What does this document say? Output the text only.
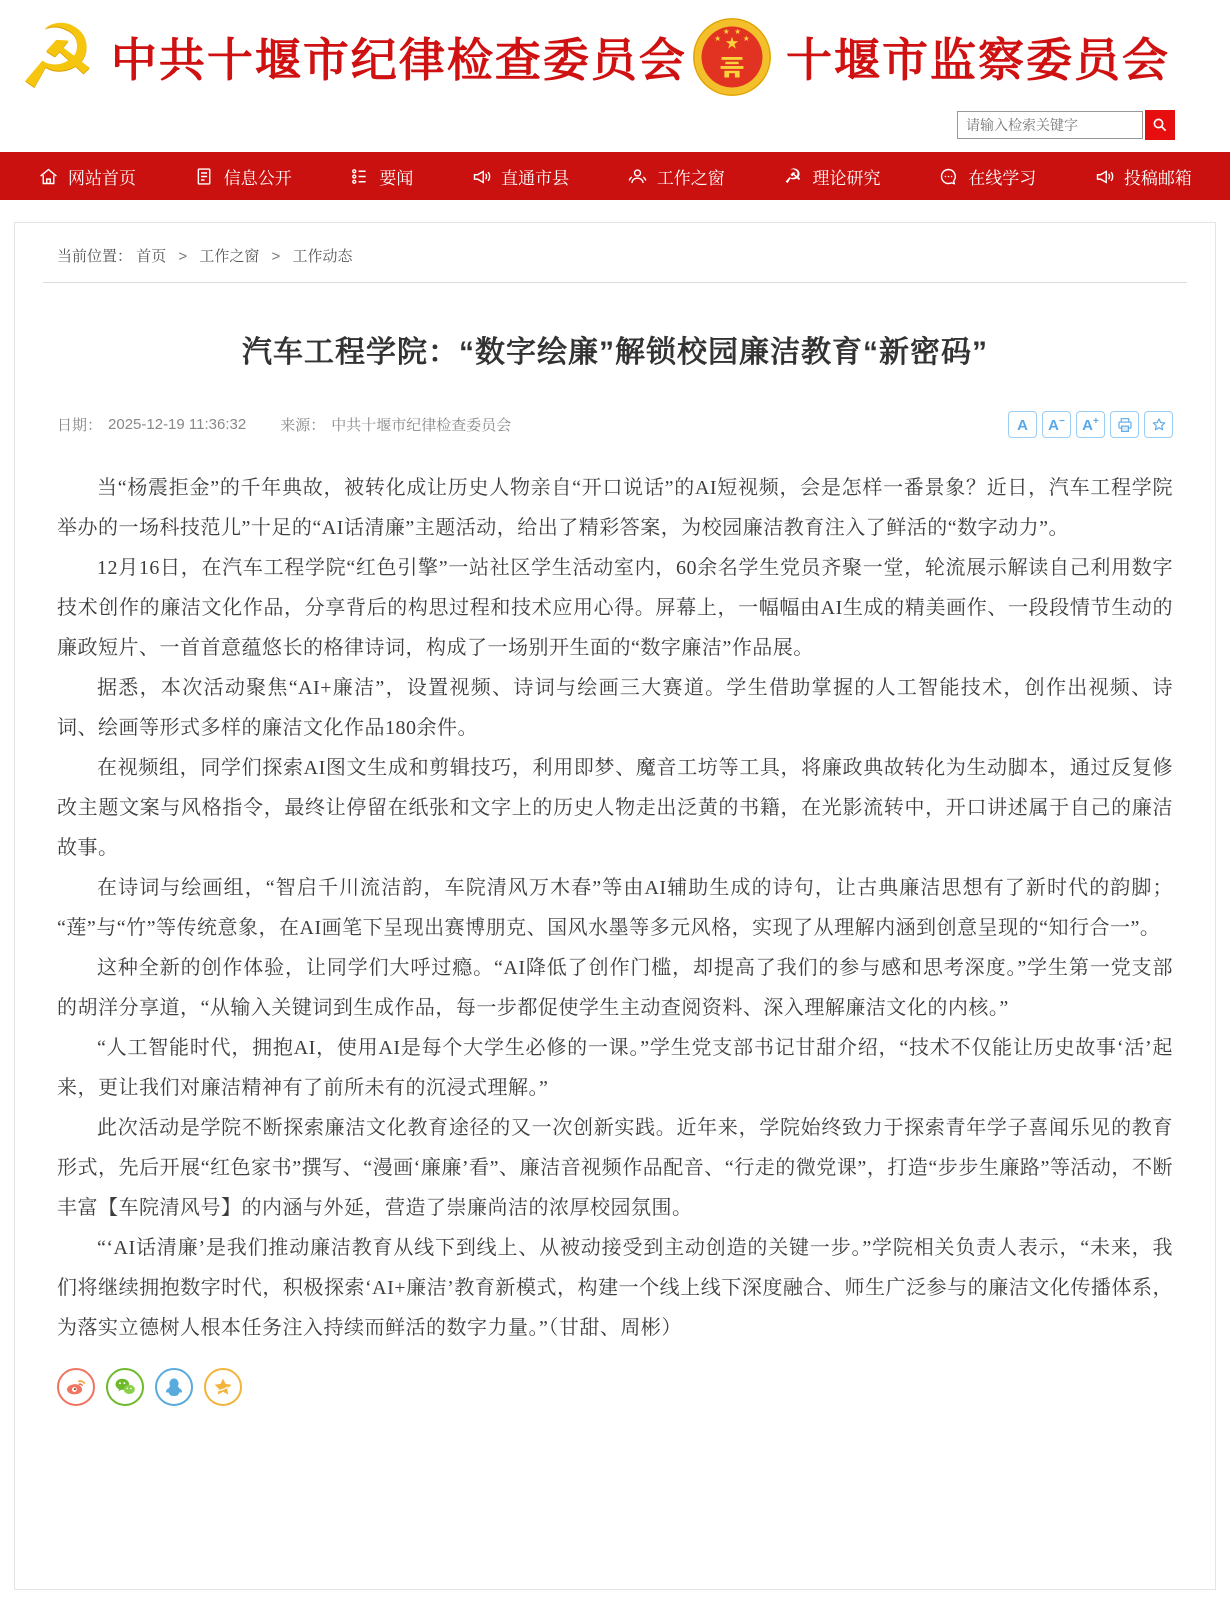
☭ 中共十堰市纪律检查委员会 ★
★
★ ★
★ 十堰市监察委员会
请输入检索关键字
网站首页	信息公开	要闻	直通市县	工作之窗	☭ 理论研究	在线学习	投稿邮箱
当前位置： 首页 > 工作之窗 > 工作动态
汽车工程学院：“数字绘廉”解锁校园廉洁教育“新密码”
日期： 2025-12-19 11:36:32 来源： 中共十堰市纪律检查委员会	A A− A+

当“杨震拒金”的千年典故，被转化成让历史人物亲自“开口说话”的AI短视频，会是怎样一番景象？近日，汽车工程学院举办的一场科技范儿”十足的“AI话清廉”主题活动，给出了精彩答案，为校园廉洁教育注入了鲜活的“数字动力”。

12月16日，在汽车工程学院“红色引擎”一站社区学生活动室内，60余名学生党员齐聚一堂，轮流展示解读自己利用数字技术创作的廉洁文化作品，分享背后的构思过程和技术应用心得。屏幕上，一幅幅由AI生成的精美画作、一段段情节生动的廉政短片、一首首意蕴悠长的格律诗词，构成了一场别开生面的“数字廉洁”作品展。

据悉，本次活动聚焦“AI+廉洁”，设置视频、诗词与绘画三大赛道。学生借助掌握的人工智能技术，创作出视频、诗词、绘画等形式多样的廉洁文化作品180余件。

在视频组，同学们探索AI图文生成和剪辑技巧，利用即梦、魔音工坊等工具，将廉政典故转化为生动脚本，通过反复修改主题文案与风格指令，最终让停留在纸张和文字上的历史人物走出泛黄的书籍，在光影流转中，开口讲述属于自己的廉洁故事。

在诗词与绘画组，“智启千川流洁韵，车院清风万木春”等由AI辅助生成的诗句，让古典廉洁思想有了新时代的韵脚；“莲”与“竹”等传统意象，在AI画笔下呈现出赛博朋克、国风水墨等多元风格，实现了从理解内涵到创意呈现的“知行合一”。

这种全新的创作体验，让同学们大呼过瘾。“AI降低了创作门槛，却提高了我们的参与感和思考深度。”学生第一党支部的胡洋分享道，“从输入关键词到生成作品，每一步都促使学生主动查阅资料、深入理解廉洁文化的内核。”

“人工智能时代，拥抱AI，使用AI是每个大学生必修的一课。”学生党支部书记甘甜介绍，“技术不仅能让历史故事‘活’起来，更让我们对廉洁精神有了前所未有的沉浸式理解。”

此次活动是学院不断探索廉洁文化教育途径的又一次创新实践。近年来，学院始终致力于探索青年学子喜闻乐见的教育形式，先后开展“红色家书”撰写、“漫画‘廉廉’看”、廉洁音视频作品配音、“行走的微党课”，打造“步步生廉路”等活动，不断丰富【车院清风号】的内涵与外延，营造了崇廉尚洁的浓厚校园氛围。

“‘AI话清廉’是我们推动廉洁教育从线下到线上、从被动接受到主动创造的关键一步。”学院相关负责人表示，“未来，我们将继续拥抱数字时代，积极探索‘AI+廉洁’教育新模式，构建一个线上线下深度融合、师生广泛参与的廉洁文化传播体系，为落实立德树人根本任务注入持续而鲜活的数字力量。”（甘甜、周彬）
